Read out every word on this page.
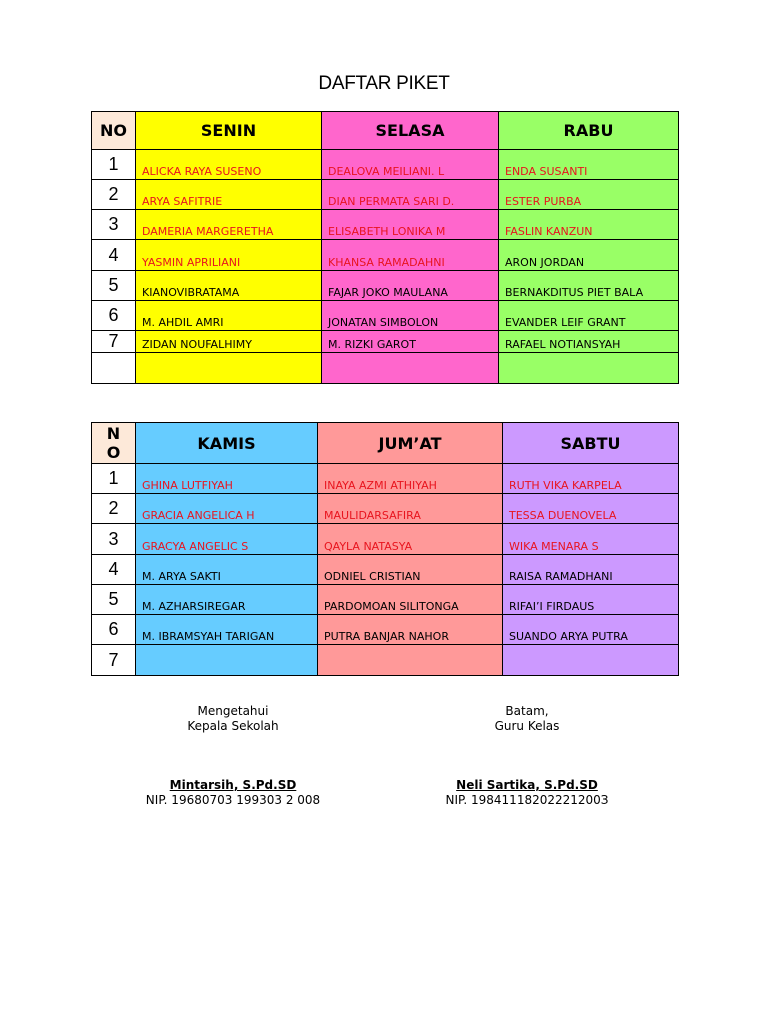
DAFTAR PIKET
NO	SENIN	SELASA	RABU
1	ALICKA RAYA SUSENO	DEALOVA MEILIANI. L	ENDA SUSANTI
2	ARYA SAFITRIE	DIAN PERMATA SARI D.	ESTER PURBA
3	DAMERIA MARGERETHA	ELISABETH LONIKA M	FASLIN KANZUN
4	YASMIN APRILIANI	KHANSA RAMADAHNI	ARON JORDAN
5	KIANOVIBRATAMA	FAJAR JOKO MAULANA	BERNAKDITUS PIET BALA
6	M. AHDIL AMRI	JONATAN SIMBOLON	EVANDER LEIF GRANT
7	ZIDAN NOUFALHIMY	M. RIZKI GAROT	RAFAEL NOTIANSYAH

N
O	KAMIS	JUM’AT	SABTU
1	GHINA LUTFIYAH	INAYA AZMI ATHIYAH	RUTH VIKA KARPELA
2	GRACIA ANGELICA H	MAULIDARSAFIRA	TESSA DUENOVELA
3	GRACYA ANGELIC S	QAYLA NATASYA	WIKA MENARA S
4	M. ARYA SAKTI	ODNIEL CRISTIAN	RAISA RAMADHANI
5	M. AZHARSIREGAR	PARDOMOAN SILITONGA	RIFAI’I FIRDAUS
6	M. IBRAMSYAH TARIGAN	PUTRA BANJAR NAHOR	SUANDO ARYA PUTRA
7			
Mengetahui
Kepala Sekolah
Mintarsih, S.Pd.SD
NIP. 19680703 199303 2 008
Batam,
Guru Kelas
Neli Sartika, S.Pd.SD
NIP. 19841118202221200З
